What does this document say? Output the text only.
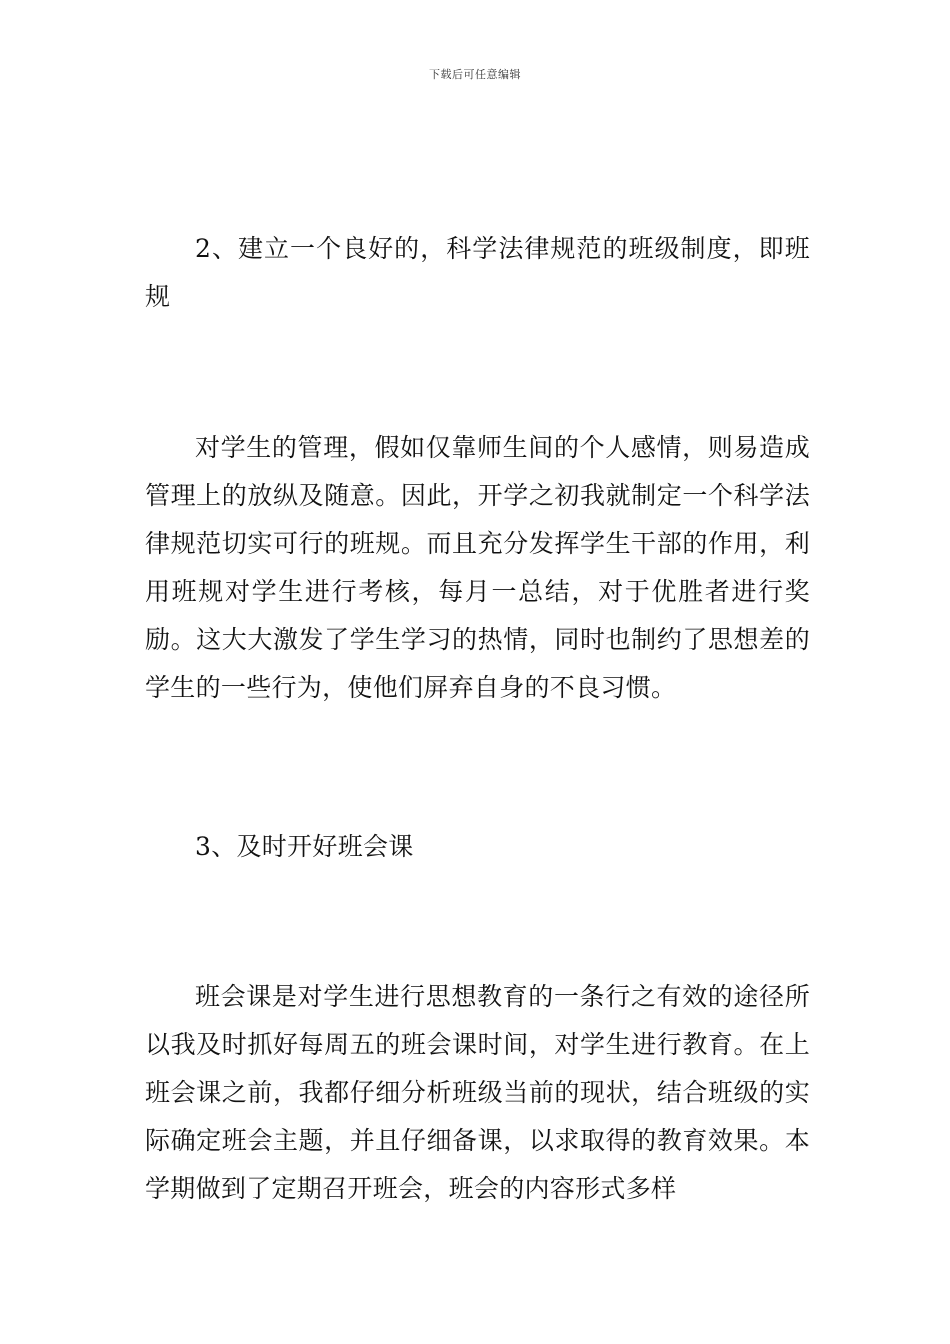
下载后可任意编辑

2、建立一个良好的，科学法律规范的班级制度，即班规

对学生的管理，假如仅靠师生间的个人感情，则易造成管理上的放纵及随意。因此，开学之初我就制定一个科学法律规范切实可行的班规。而且充分发挥学生干部的作用，利用班规对学生进行考核，每月一总结，对于优胜者进行奖励。这大大激发了学生学习的热情，同时也制约了思想差的学生的一些行为，使他们屏弃自身的不良习惯。

3、及时开好班会课

班会课是对学生进行思想教育的一条行之有效的途径所以我及时抓好每周五的班会课时间，对学生进行教育。在上班会课之前，我都仔细分析班级当前的现状，结合班级的实际确定班会主题，并且仔细备课，以求取得的教育效果。本学期做到了定期召开班会，班会的内容形式多样
